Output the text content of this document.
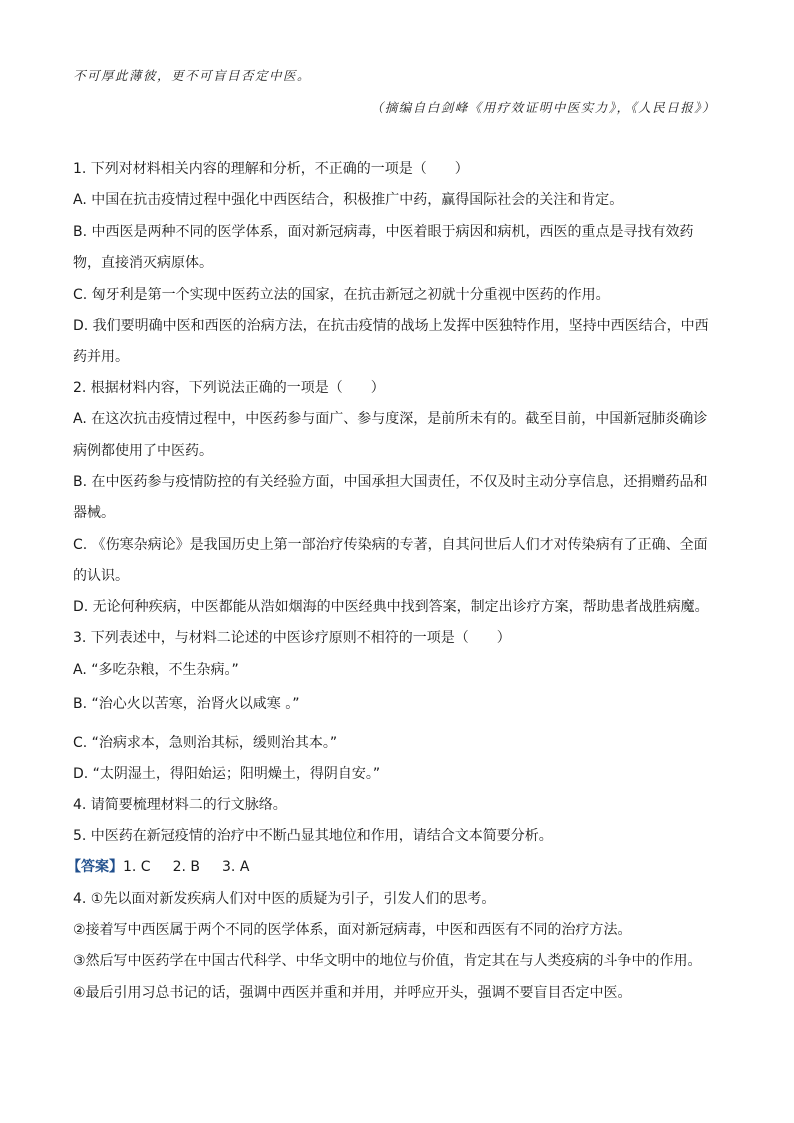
不可厚此薄彼，更不可盲目否定中医。
（摘编自白剑峰《用疗效证明中医实力》，《人民日报》）
1. 下列对材料相关内容的理解和分析，不正确的一项是（　　）
A. 中国在抗击疫情过程中强化中西医结合，积极推广中药，赢得国际社会的关注和肯定。
B. 中西医是两种不同的医学体系，面对新冠病毒，中医着眼于病因和病机，西医的重点是寻找有效药
物，直接消灭病原体。
C. 匈牙利是第一个实现中医药立法的国家，在抗击新冠之初就十分重视中医药的作用。
D. 我们要明确中医和西医的治病方法，在抗击疫情的战场上发挥中医独特作用，坚持中西医结合，中西
药并用。
2. 根据材料内容，下列说法正确的一项是（　　）
A. 在这次抗击疫情过程中，中医药参与面广、参与度深，是前所未有的。截至目前，中国新冠肺炎确诊
病例都使用了中医药。
B. 在中医药参与疫情防控的有关经验方面，中国承担大国责任，不仅及时主动分享信息，还捐赠药品和
器械。
C. 《伤寒杂病论》是我国历史上第一部治疗传染病的专著，自其问世后人们才对传染病有了正确、全面
的认识。
D. 无论何种疾病，中医都能从浩如烟海的中医经典中找到答案，制定出诊疗方案，帮助患者战胜病魔。
3. 下列表述中，与材料二论述的中医诊疗原则不相符的一项是（　　）
A. “多吃杂粮，不生杂病。”
B. “治心火以苦寒，治肾火以咸寒 。”
C. “治病求本，急则治其标，缓则治其本。”
D. “太阴湿土，得阳始运；阳明燥土，得阴自安。”
4. 请简要梳理材料二的行文脉络。
5. 中医药在新冠疫情的治疗中不断凸显其地位和作用，请结合文本简要分析。
【答案】1. C 2. B 3. A
4. ①先以面对新发疾病人们对中医的质疑为引子，引发人们的思考。
②接着写中西医属于两个不同的医学体系，面对新冠病毒，中医和西医有不同的治疗方法。
③然后写中医药学在中国古代科学、中华文明中的地位与价值，肯定其在与人类疫病的斗争中的作用。
④最后引用习总书记的话，强调中西医并重和并用，并呼应开头，强调不要盲目否定中医。
